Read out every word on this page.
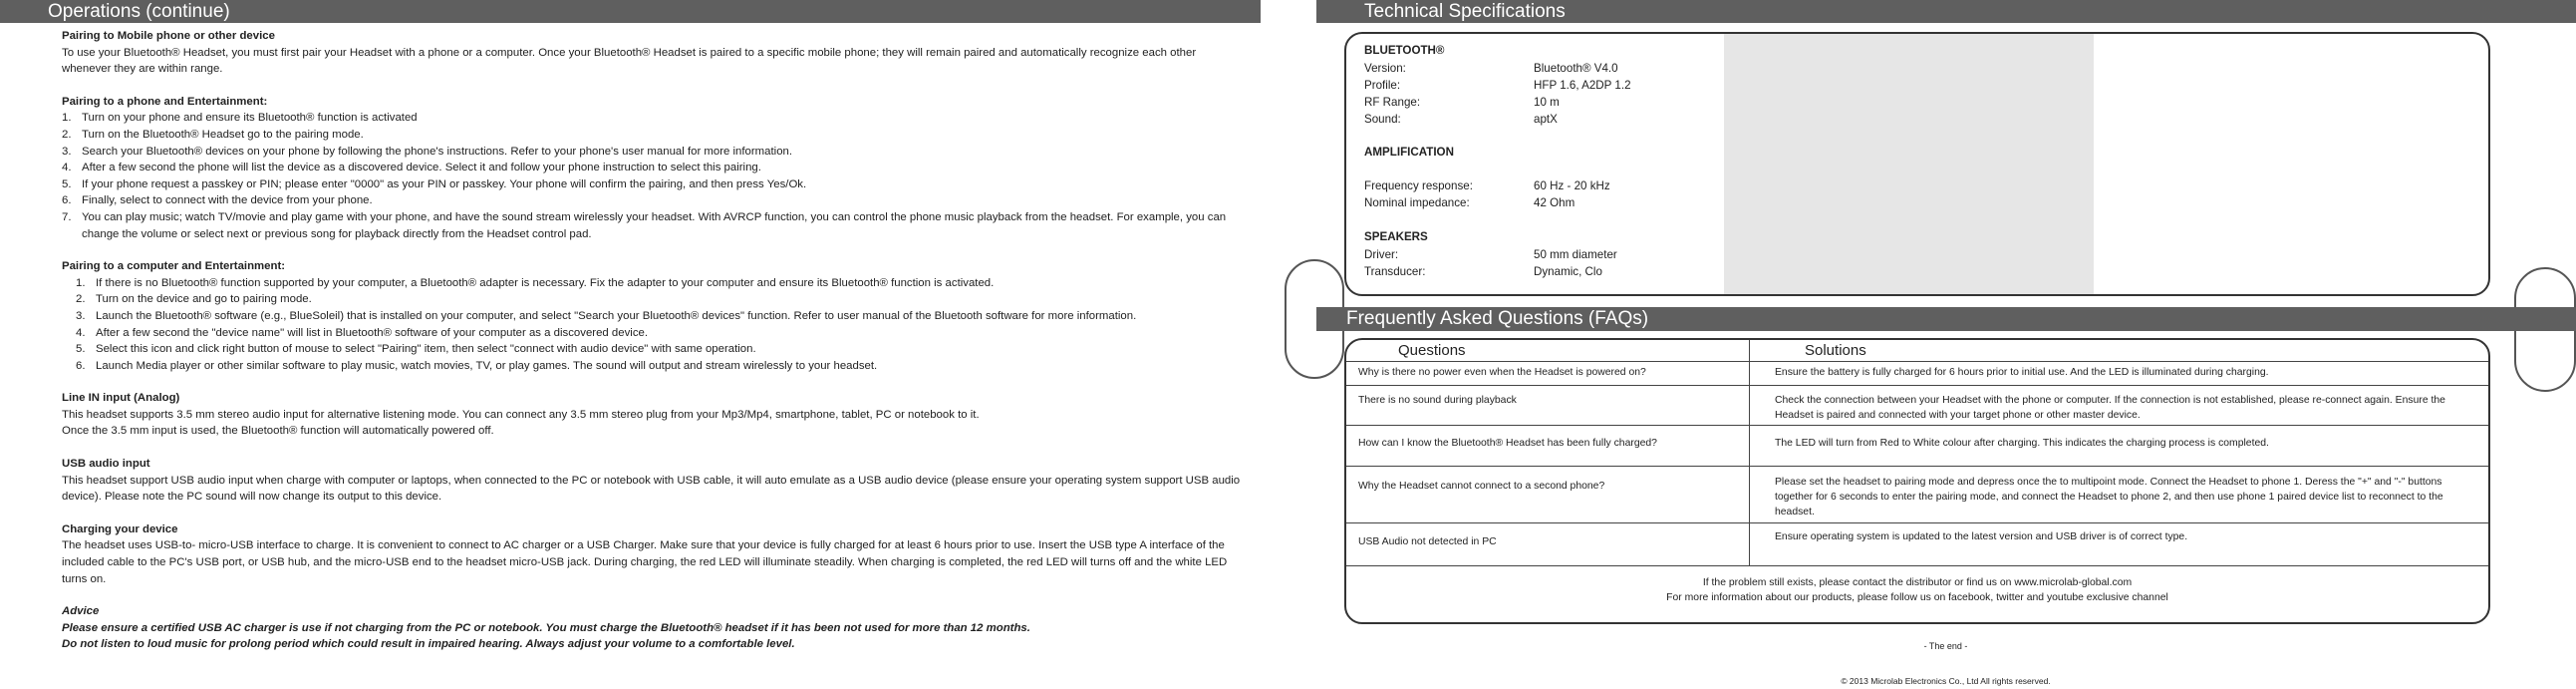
Operations (continue)

Pairing to Mobile phone or other device

To use your Bluetooth® Headset, you must first pair your Headset with a phone or a computer. Once your Bluetooth® Headset is paired to a specific mobile phone; they will remain paired and automatically recognize each other whenever they are within range.

Pairing to a phone and Entertainment:

1. Turn on your phone and ensure its Bluetooth® function is activated
2. Turn on the Bluetooth® Headset go to the pairing mode.
3. Search your Bluetooth® devices on your phone by following the phone's instructions. Refer to your phone's user manual for more information.
4. After a few second the phone will list the device as a discovered device. Select it and follow your phone instruction to select this pairing.
5. If your phone request a passkey or PIN; please enter "0000" as your PIN or passkey. Your phone will confirm the pairing, and then press Yes/Ok.
6. Finally, select to connect with the device from your phone.
7. You can play music; watch TV/movie and play game with your phone, and have the sound stream wirelessly your headset. With AVRCP function, you can control the phone music playback from the headset. For example, you can change the volume or select next or previous song for playback directly from the Headset control pad.

Pairing to a computer and Entertainment:

1. If there is no Bluetooth® function supported by your computer, a Bluetooth® adapter is necessary. Fix the adapter to your computer and ensure its Bluetooth® function is activated.
2. Turn on the device and go to pairing mode.
3. Launch the Bluetooth® software (e.g., BlueSoleil) that is installed on your computer, and select "Search your Bluetooth® devices" function. Refer to user manual of the Bluetooth software for more information.
4. After a few second the "device name" will list in Bluetooth® software of your computer as a discovered device.
5. Select this icon and click right button of mouse to select "Pairing" item, then select "connect with audio device" with same operation.
6. Launch Media player or other similar software to play music, watch movies, TV, or play games. The sound will output and stream wirelessly to your headset.

Line IN input (Analog)

This headset supports 3.5 mm stereo audio input for alternative listening mode. You can connect any 3.5 mm stereo plug from your Mp3/Mp4, smartphone, tablet, PC or notebook to it.

Once the 3.5 mm input is used, the Bluetooth® function will automatically powered off.

USB audio input

This headset support USB audio input when charge with computer or laptops, when connected to the PC or notebook with USB cable, it will auto emulate as a USB audio device (please ensure your operating system support USB audio device). Please note the PC sound will now change its output to this device.

Charging your device

The headset uses USB-to- micro-USB interface to charge. It is convenient to connect to AC charger or a USB Charger. Make sure that your device is fully charged for at least 6 hours prior to use. Insert the USB type A interface of the included cable to the PC's USB port, or USB hub, and the micro-USB end to the headset micro-USB jack. During charging, the red LED will illuminate steadily. When charging is completed, the red LED will turns off and the white LED turns on.

Advice

Please ensure a certified USB AC charger is use if not charging from the PC or notebook. You must charge the Bluetooth® headset if it has been not used for more than 12 months.

Do not listen to loud music for prolong period which could result in impaired hearing. Always adjust your volume to a comfortable level.

Technical Specifications
BLUETOOTH®
Version:	Bluetooth® V4.0
Profile:	HFP 1.6, A2DP 1.2
RF Range:	10 m
Sound:	aptX
AMPLIFICATION
Frequency response:	60 Hz - 20 kHz
Nominal impedance:	42 Ohm
SPEAKERS
Driver:	50 mm diameter
Transducer:	Dynamic, Clo
Frequently Asked Questions (FAQs)
Questions	Solutions
Why is there no power even when the Headset is powered on?	Ensure the battery is fully charged for 6 hours prior to initial use. And the LED is illuminated during charging.
There is no sound during playback	Check the connection between your Headset with the phone or computer. If the connection is not established, please re-connect again. Ensure the Headset is paired and connected with your target phone or other master device.
How can I know the Bluetooth® Headset has been fully charged?	The LED will turn from Red to White colour after charging. This indicates the charging process is completed.
Why the Headset cannot connect to a second phone?	Please set the headset to pairing mode and depress once the to multipoint mode. Connect the Headset to phone 1. Deress the "+" and "-" buttons together for 6 seconds to enter the pairing mode, and connect the Headset to phone 2, and then use phone 1 paired device list to reconnect to the headset.
USB Audio not detected in PC	Ensure operating system is updated to the latest version and USB driver is of correct type.
If the problem still exists, please contact the distributor or find us on www.microlab-global.com
For more information about our products, please follow us on facebook, twitter and youtube exclusive channel
- The end -
© 2013 Microlab Electronics Co., Ltd All rights reserved.
